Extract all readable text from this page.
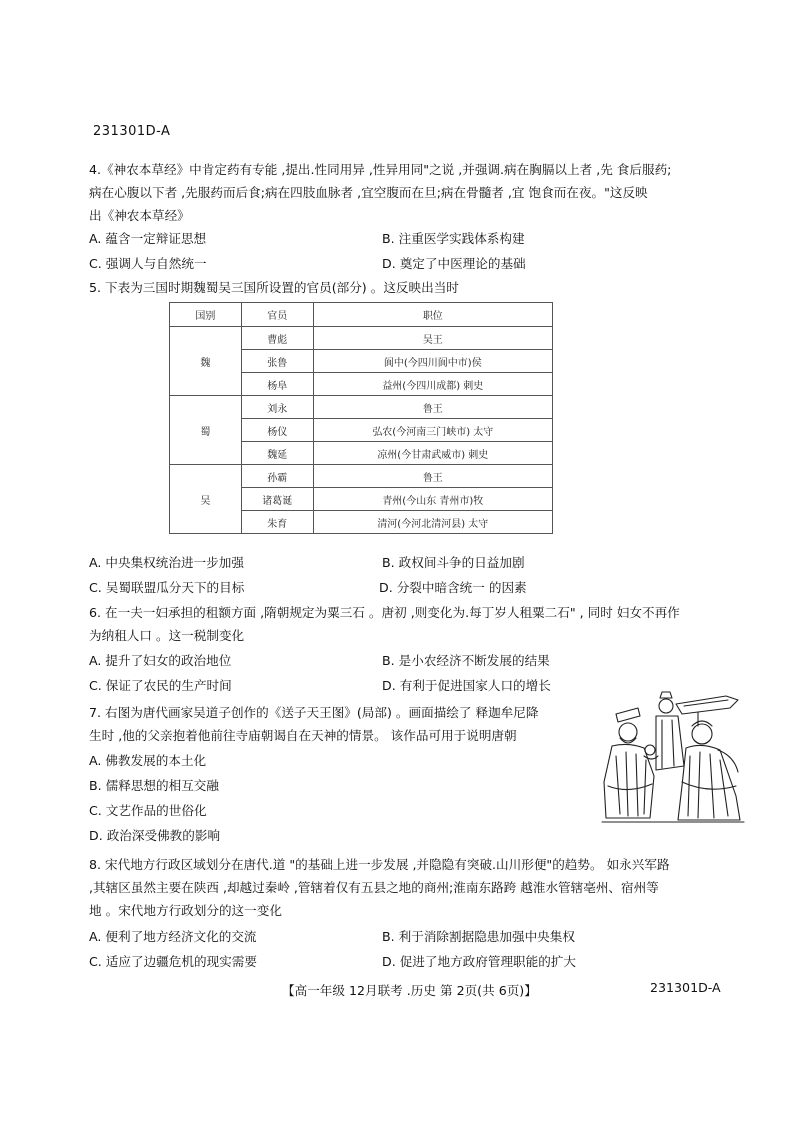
231301D-A

4.《神农本草经》中肯定药有专能 ,提出.性同用异 ,性异用同"之说 ,并强调.病在胸膈以上者 ,先 食后服药;

病在心腹以下者 ,先服药而后食;病在四肢血脉者 ,宜空腹而在旦;病在骨髓者 ,宜 饱食而在夜。"这反映

出《神农本草经》

A. 蕴含一定辩证思想	B. 注重医学实践体系构建
C. 强调人与自然统一	D. 奠定了中医理论的基础

5. 下表为三国时期魏蜀吴三国所设置的官员(部分) 。这反映出当时

国别	官员	职位
魏	曹彪	吴王
	张鲁	阆中(今四川阆中市)侯
	杨阜	益州(今四川成都) 刺史
蜀	刘永	鲁王
	杨仪	弘农(今河南三门峡市) 太守
	魏延	凉州(今甘肃武威市) 刺史
吴	孙霸	鲁王
	诸葛诞	青州(今山东 青州市)牧
	朱育	清河(今河北清河县) 太守
A. 中央集权统治进一步加强	B. 政权间斗争的日益加剧
C. 吴蜀联盟瓜分天下的目标	D. 分裂中暗含统一 的因素

6. 在一夫一妇承担的租额方面 ,隋朝规定为粟三石 。唐初 ,则变化为.每丁岁人租粟二石" , 同时 妇女不再作

为纳租人口 。这一税制变化

A. 提升了妇女的政治地位	B. 是小农经济不断发展的结果
C. 保证了农民的生产时间	D. 有利于促进国家人口的增长

7. 右图为唐代画家吴道子创作的《送子天王图》(局部) 。画面描绘了 释迦牟尼降

生时 ,他的父亲抱着他前往寺庙朝谒自在天神的情景。 该作品可用于说明唐朝

A. 佛教发展的本土化
B. 儒释思想的相互交融
C. 文艺作品的世俗化
D. 政治深受佛教的影响

8. 宋代地方行政区域划分在唐代.道 "的基础上进一步发展 ,并隐隐有突破.山川形便"的趋势。 如永兴军路

,其辖区虽然主要在陕西 ,却越过秦岭 ,管辖着仅有五县之地的商州;淮南东路跨 越淮水管辖亳州、宿州等

地 。宋代地方行政划分的这一变化

A. 便利了地方经济文化的交流	B. 利于消除割据隐患加强中央集权
C. 适应了边疆危机的现实需要	D. 促进了地方政府管理职能的扩大
【高一年级 12月联考 .历史 第 2页(共 6页)】	231301D-A
